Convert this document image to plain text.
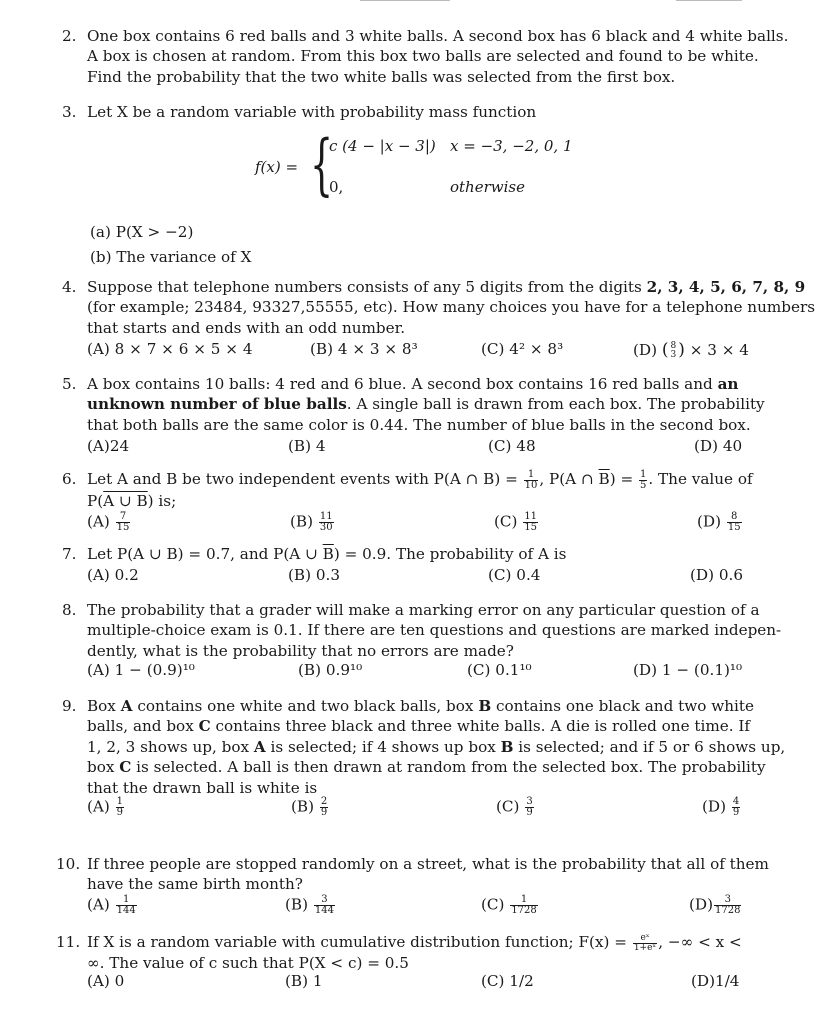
2. One box contains 6 red balls and 3 white balls. A second box has 6 black and 4 white balls.
A box is chosen at random. From this box two balls are selected and found to be white.
Find the probability that the two white balls was selected from the first box.
3. Let X be a random variable with probability mass function
f(x) = {
c (4 − |x − 3|) x = −3, −2, 0, 1
0,	otherwise
(a) P(X > −2)
(b) The variance of X
4. Suppose that telephone numbers consists of any 5 digits from the digits 2, 3, 4, 5, 6, 7, 8, 9
(for example; 23484, 93327,55555, etc). How many choices you have for a telephone numbers
that starts and ends with an odd number.
(A) 8 × 7 × 6 × 5 × 4	(B) 4 × 3 × 8³	(C) 4² × 8³	(D) ( 8
3 ) × 3 × 4
5. A box contains 10 balls: 4 red and 6 blue. A second box contains 16 red balls and an
unknown number of blue balls. A single ball is drawn from each box. The probability
that both balls are the same color is 0.44. The number of blue balls in the second box.
(A)24	(B) 4	(C) 48	(D) 40
6. Let A and B be two independent events with P(A ∩ $B) = \frac{1}{10}$ , P(A ∩ $\overline{B}) = \frac{1}{5}$ . The value of
P(A ∪ B) is;
$(A) \frac{7}{15}$	$(B) \frac{11}{30}$	$(C) \frac{11}{15}$	$(D) \frac{8}{15}$
7. Let P(A ∪ B) = 0.7, and P(A ∪ $\overline{B}) = 0.9$. The probability of A is
(A) 0.2	(B) 0.3	(C) 0.4	(D) 0.6
8. The probability that a grader will make a marking error on any particular question of a
multiple-choice exam is 0.1. If there are ten questions and questions are marked indepen-
dently, what is the probability that no errors are made?
(A) 1 − (0.9)¹⁰	(B) 0.9¹⁰	(C) 0.1¹⁰	(D) 1 − (0.1)¹⁰
9. Box A contains one white and two black balls, box B contains one black and two white
balls, and box C contains three black and three white balls. A die is rolled one time. If
1, 2, 3 shows up, box A is selected; if 4 shows up box B is selected; and if 5 or 6 shows up,
box C is selected. A ball is then drawn at random from the selected box. The probability
that the drawn ball is white is
$(A) \frac{1}{9}$	$(B) \frac{2}{9}$	$(C) \frac{3}{9}$	$(D) \frac{4}{9}$
10. If three people are stopped randomly on a street, what is the probability that all of them
have the same birth month?
$(A) \frac{1}{144}$	$(B) \frac{3}{144}$	$(C) \frac{1}{1728}$	$(D) \frac{3}{1728}$
11. If X is a random variable with cumulative distribution function; $F(x) = \frac{\text{eˣ}}{\text{1+eˣ}}$ , −∞ < x <
∞. The value of c such that P(X < c) = 0.5
(A) 0	(B) 1	(C) 1/2	(D)1/4
